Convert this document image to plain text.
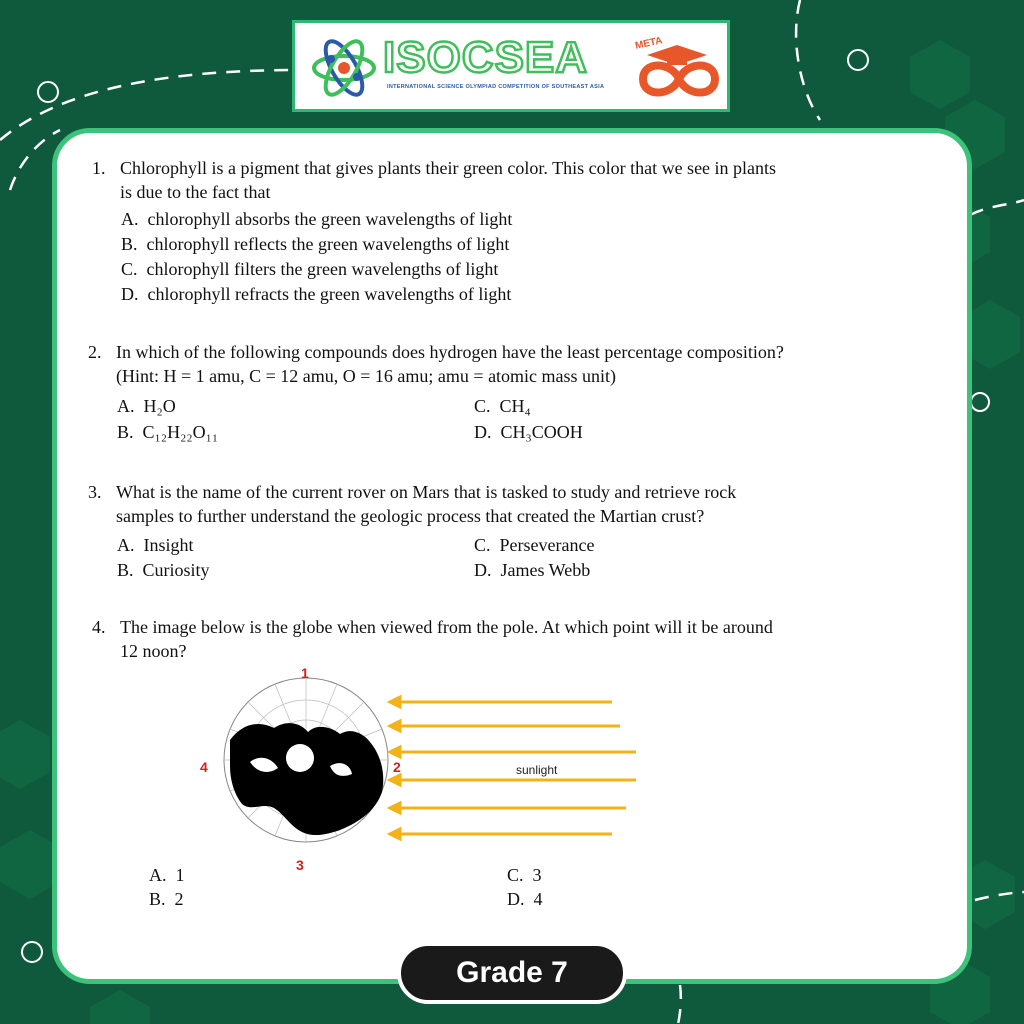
ISOCSEA
INTERNATIONAL SCIENCE OLYMPIAD COMPETITION OF SOUTHEAST ASIA
META
1. Chlorophyll is a pigment that gives plants their green color. This color that we see in plants
is due to the fact that
A. chlorophyll absorbs the green wavelengths of light
B. chlorophyll reflects the green wavelengths of light
C. chlorophyll filters the green wavelengths of light
D. chlorophyll refracts the green wavelengths of light
2. In which of the following compounds does hydrogen have the least percentage composition?
(Hint: H = 1 amu, C = 12 amu, O = 16 amu; amu = atomic mass unit)
A. H₂O
B. C₁₂H₂₂O₁₁
C. CH₄
D. CH₃COOH
3. What is the name of the current rover on Mars that is tasked to study and retrieve rock
samples to further understand the geologic process that created the Martian crust?
A. Insight
B. Curiosity
C. Perseverance
D. James Webb
4. The image below is the globe when viewed from the pole. At which point will it be around
12 noon?
1
2
3
4	sunlight
A. 1
B. 2
C. 3
D. 4
Grade 7
